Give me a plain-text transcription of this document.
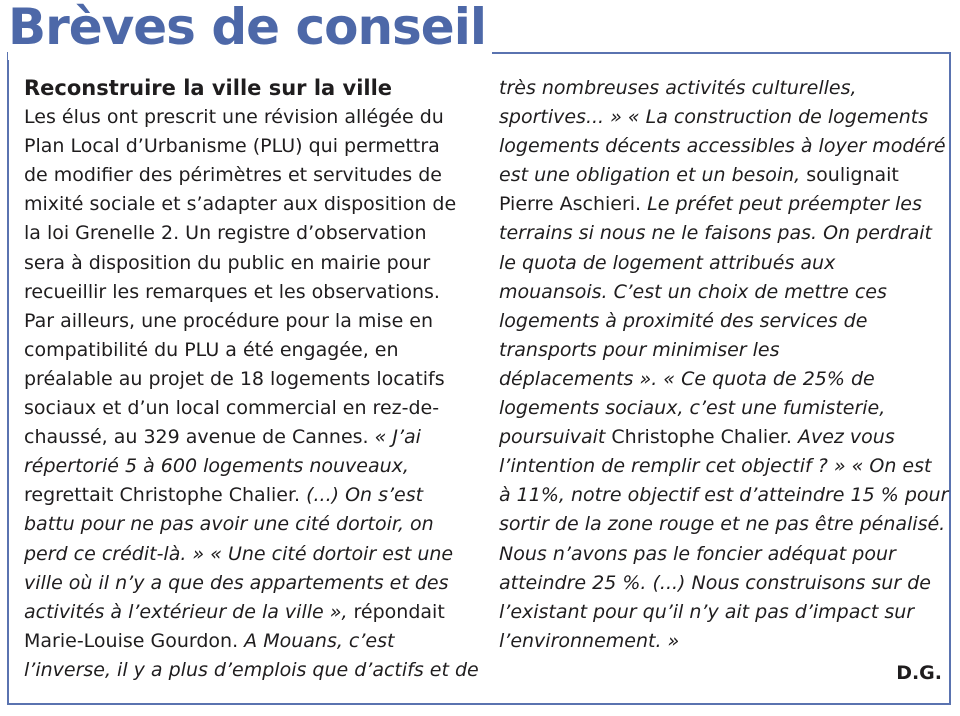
Brèves de conseil
Reconstruire la ville sur la ville
Les élus ont prescrit une révision allégée du
Plan Local d’Urbanisme (PLU) qui permettra
de modifier des périmètres et servitudes de
mixité sociale et s’adapter aux disposition de
la loi Grenelle 2. Un registre d’observation
sera à disposition du public en mairie pour
recueillir les remarques et les observations.
Par ailleurs, une procédure pour la mise en
compatibilité du PLU a été engagée, en
préalable au projet de 18 logements locatifs
sociaux et d’un local commercial en rez-de-
chaussé, au 329 avenue de Cannes. « J’ai
répertorié 5 à 600 logements nouveaux,
regrettait Christophe Chalier. (...) On s’est
battu pour ne pas avoir une cité dortoir, on
perd ce crédit-là. » « Une cité dortoir est une
ville où il n’y a que des appartements et des
activités à l’extérieur de la ville », répondait
Marie-Louise Gourdon. A Mouans, c’est
l’inverse, il y a plus d’emplois que d’actifs et de
très nombreuses activités culturelles,
sportives... » « La construction de logements
logements décents accessibles à loyer modéré
est une obligation et un besoin, soulignait
Pierre Aschieri. Le préfet peut préempter les
terrains si nous ne le faisons pas. On perdrait
le quota de logement attribués aux
mouansois. C’est un choix de mettre ces
logements à proximité des services de
transports pour minimiser les
déplacements ». « Ce quota de 25% de
logements sociaux, c’est une fumisterie,
poursuivait Christophe Chalier. Avez vous
l’intention de remplir cet objectif ? » « On est
à 11%, notre objectif est d’atteindre 15 % pour
sortir de la zone rouge et ne pas être pénalisé.
Nous n’avons pas le foncier adéquat pour
atteindre 25 %. (...) Nous construisons sur de
l’existant pour qu’il n’y ait pas d’impact sur
l’environnement. »
D.G.
